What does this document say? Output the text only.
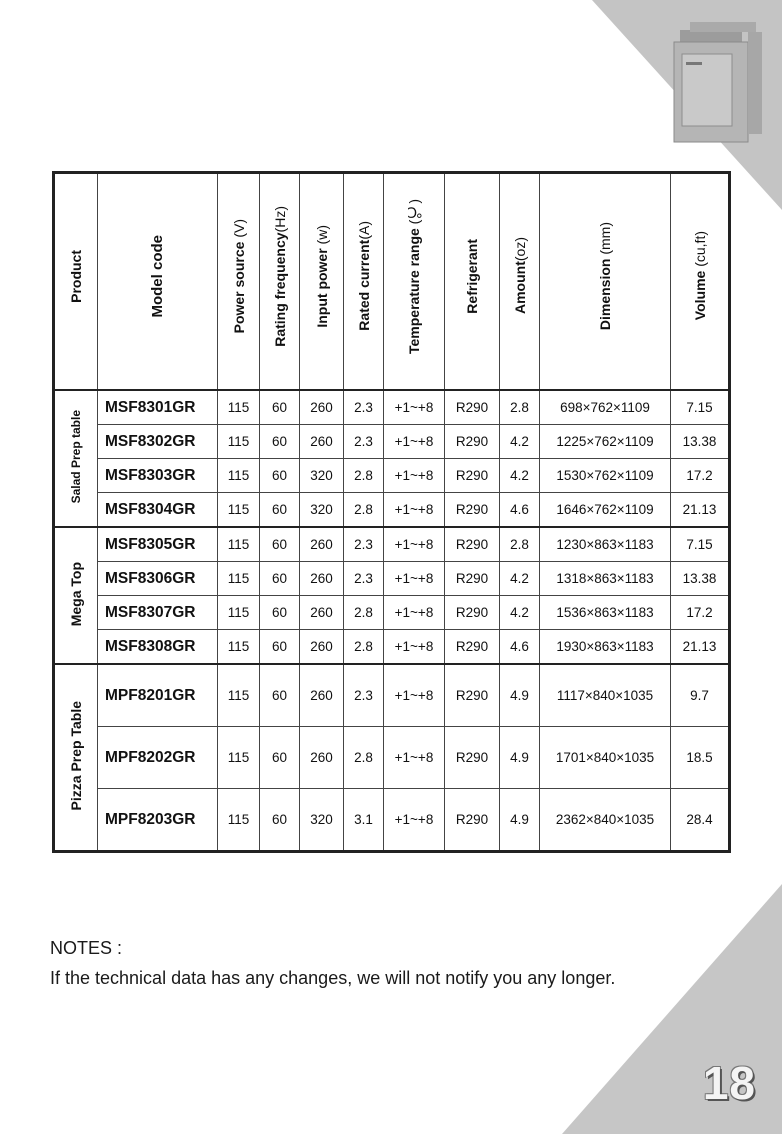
Product	Model code	Power source (V)	Rating frequency(Hz)	Input power (w)	Rated current(A)	Temperature range (℃)	Refrigerant	Amount(oz)	Dimension (mm)	Volume (cu,ft)
Salad Prep table	MSF8301GR	115	60	260	2.3	+1~+8	R290	2.8	698×762×1109	7.15
	MSF8302GR	115	60	260	2.3	+1~+8	R290	4.2	1225×762×1109	13.38
	MSF8303GR	115	60	320	2.8	+1~+8	R290	4.2	1530×762×1109	17.2
	MSF8304GR	115	60	320	2.8	+1~+8	R290	4.6	1646×762×1109	21.13
Mega Top	MSF8305GR	115	60	260	2.3	+1~+8	R290	2.8	1230×863×1183	7.15
	MSF8306GR	115	60	260	2.3	+1~+8	R290	4.2	1318×863×1183	13.38
	MSF8307GR	115	60	260	2.8	+1~+8	R290	4.2	1536×863×1183	17.2
	MSF8308GR	115	60	260	2.8	+1~+8	R290	4.6	1930×863×1183	21.13
Pizza Prep Table	MPF8201GR	115	60	260	2.3	+1~+8	R290	4.9	1117×840×1035	9.7
	MPF8202GR	115	60	260	2.8	+1~+8	R290	4.9	1701×840×1035	18.5
	MPF8203GR	115	60	320	3.1	+1~+8	R290	4.9	2362×840×1035	28.4
NOTES :
If the technical data has any changes, we will not notify you any longer.
18
